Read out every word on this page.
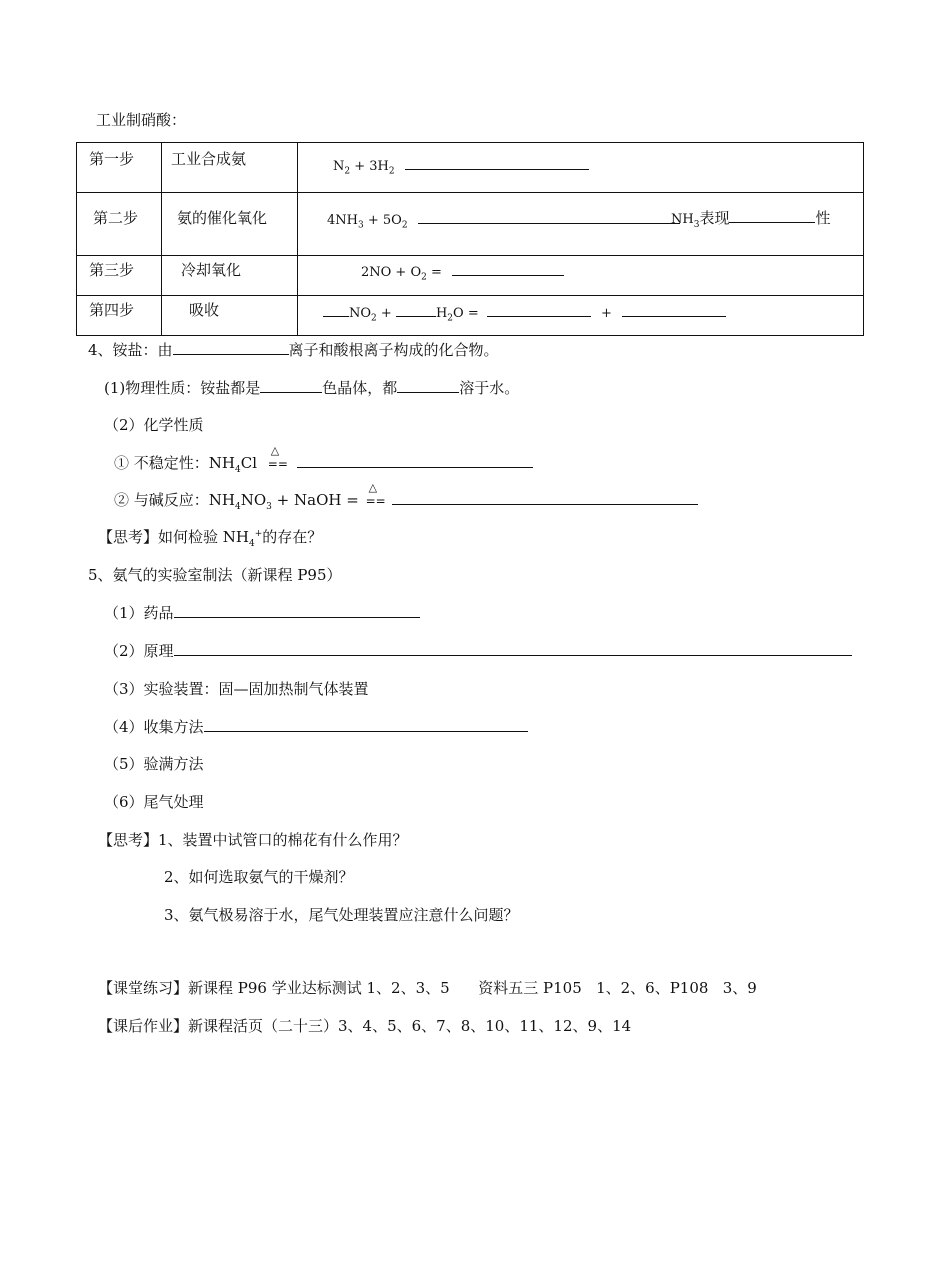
工业制硝酸：
第一步 工业合成氨	$N_2 + 3H_2$
第二步	氨的催化氧化	$4NH_3 + 5O_2$	$NH_3$表现	性
第三步	冷却氧化	$2NO + O_2$ =
第四步	吸收	$NO_2$ +	$H_2O$ =	+
4、铵盐：由	离子和酸根离子构成的化合物。
(1)物理性质：铵盐都是	色晶体，都	溶于水。
（2）化学性质
① 不稳定性：$NH_4Cl$
△
==
② 与碱反应：$NH_4NO_3$ + NaOH =
△
==
【思考】如何检验 $NH_4^+$的存在？
5、氨气的实验室制法（新课程 P95）
（1）药品
（2）原理
（3）实验装置：固—固加热制气体装置
（4）收集方法
（5）验满方法
（6）尾气处理
【思考】1、装置中试管口的棉花有什么作用？
2、如何选取氨气的干燥剂？
3、氨气极易溶于水，尾气处理装置应注意什么问题？
【课堂练习】新课程 P96 学业达标测试 1、2、3、5      资料五三 P105   1、2、6、P108   3、9
【课后作业】新课程活页（二十三）3、4、5、6、7、8、10、11、12、9、14
